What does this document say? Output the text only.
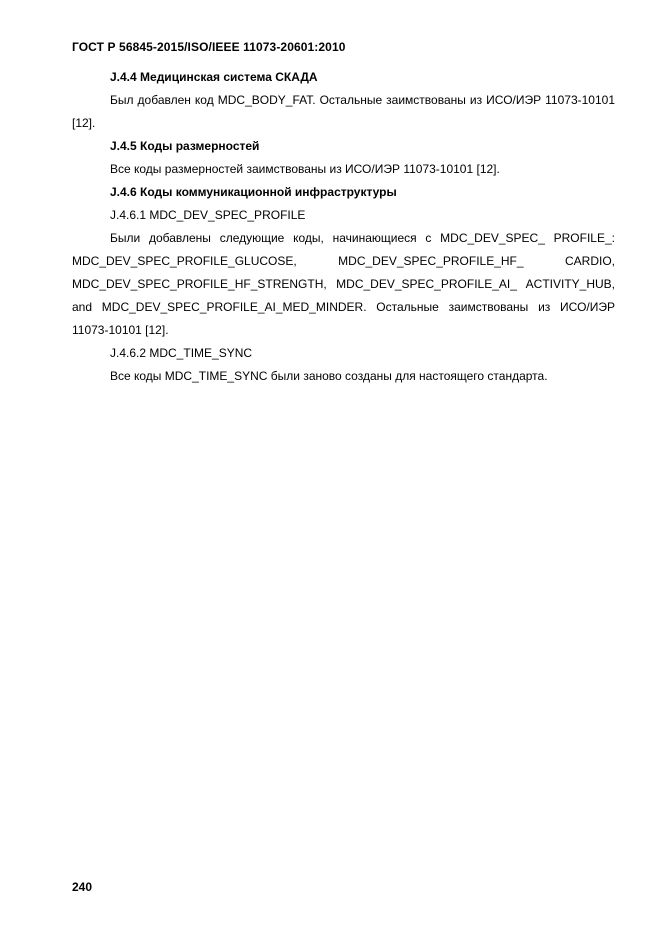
ГОСТ Р 56845-2015/ISO/IEEE 11073-20601:2010

J.4.4 Медицинская система СКАДА

Был добавлен код MDC_BODY_FAT. Остальные заимствованы из ИСО/ИЭР 11073-10101 [12].

J.4.5 Коды размерностей

Все коды размерностей заимствованы из ИСО/ИЭР 11073-10101 [12].

J.4.6 Коды коммуникационной инфраструктуры

J.4.6.1 MDC_DEV_SPEC_PROFILE

Были добавлены следующие коды, начинающиеся с MDC_DEV_SPEC_ PROFILE_: MDC_DEV_SPEC_PROFILE_GLUCOSE, MDC_DEV_SPEC_PROFILE_HF_ CARDIO, MDC_DEV_SPEC_PROFILE_HF_STRENGTH, MDC_DEV_SPEC_PROFILE_AI_ ACTIVITY_HUB, and MDC_DEV_SPEC_PROFILE_AI_MED_MINDER. Остальные заимствованы из ИСО/ИЭР 11073-10101 [12].

J.4.6.2 MDC_TIME_SYNC

Все коды MDC_TIME_SYNC были заново созданы для настоящего стандарта.

240
